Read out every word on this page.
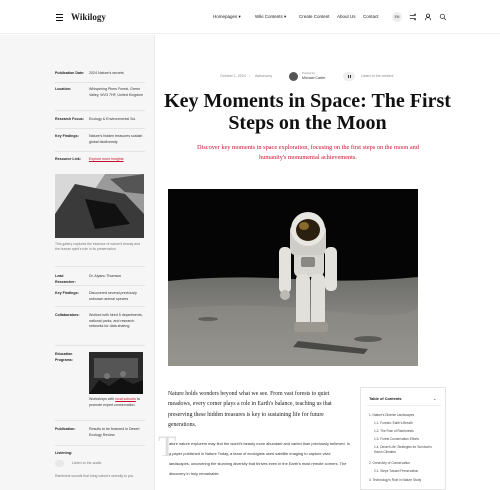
Wikilogy	Homepages ▾	Wiki Contents ▾	Create Content About Us Contact	EN
Publication Date: 2024 Nature's secrets
Location:	Whispering Pines Forest, Green Valley, WV3 7HF, United Kingdom
Research Focus: Ecology & Environmental Sci.
Key Findings:	Nature's hidden treasures sustain global biodiversity
Resource Link:	Explore more insights
This gallery captures the essence of nature's beauty and the human spirit's role in its preservation.
Lead Researcher:
Dr. Alyanu Thomson
Key Findings:	Discovered several previously unknown animal species
Collaborators:	Worked with hired 5 departments, national parks, and research networks for data sharing.
Education Programs:
Workshops with local schools to promote expert conservation.
Publication:	Results to be featured in Desert Ecology Review
Listening:
Listen to the audio
Rainforest sounds that bring nature's serenity to you.
October 1, 2024 • Astronomy
Posted by
Michael Carter	Listen to the content
Key Moments in Space: The First Steps on the Moon

Discover key moments in space exploration, focusing on the first steps on the moon and humanity's monumental achievements.

Nature holds wonders beyond what we see. From vast forests to quiet meadows, every corner plays a role in Earth's balance, teaching us that preserving these hidden treasures is key to sustaining life for future generations.

T

ature nature explorers may find the world's beauty more abundant and varied than previously believed. In a paper published in Nature Today, a team of ecologists used satellite imaging to capture vivid landscapes, uncovering the stunning diversity that thrives even in the Earth's most remote corners. The discovery in truly remarkable.

Table of Contents	⌄
1. Nature's Diverse Landscapes
1.1. Forests: Earth's Breath
1.2. The Role of Rainforests
1.3. Forest Conservation Efforts
1.4. Desert Life: Strategies for Survival in Harsh Climates
2. Great Arty of Conservation
2.1. Steps Toward Preservation
3. Technology's Role in Nature Study
